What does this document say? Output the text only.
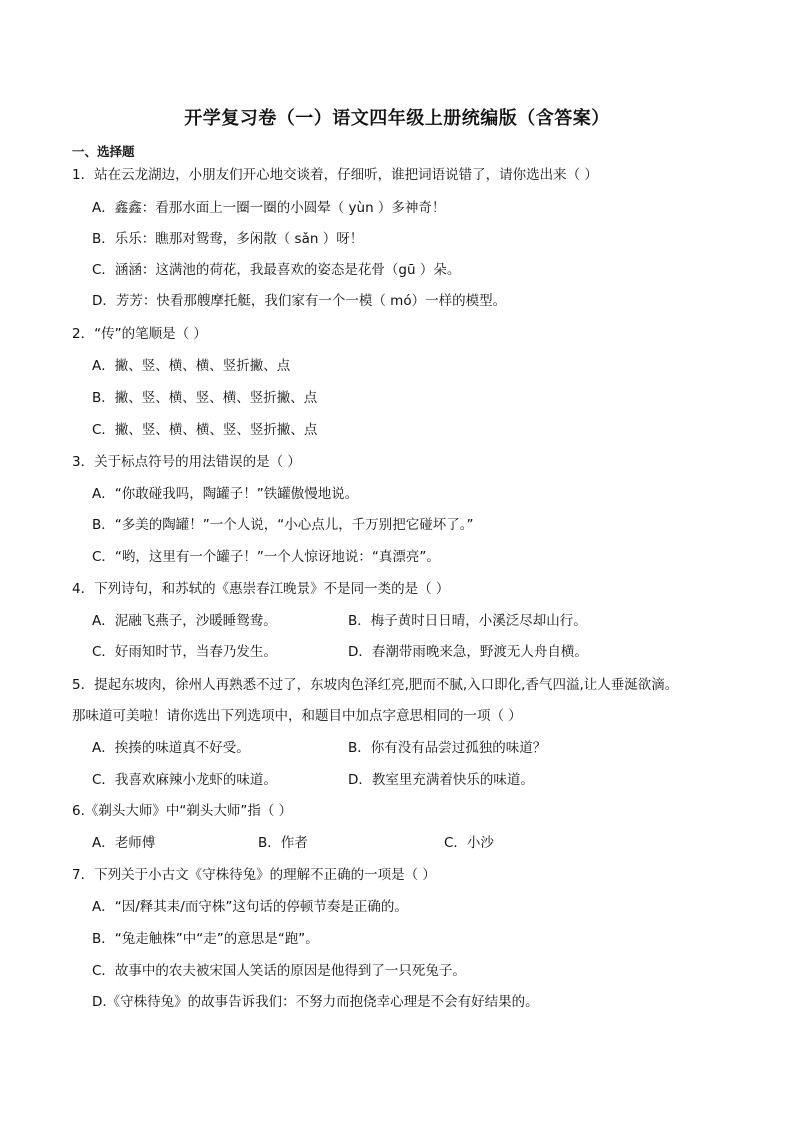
开学复习卷（一）语文四年级上册统编版（含答案）
一、选择题
1．站在云龙湖边，小朋友们开心地交谈着，仔细听，谁把词语说错了，请你选出来（ ）
A．鑫鑫：看那水面上一圈一圈的小圆晕（ yùn ）多神奇！
B．乐乐：瞧那对鸳鸯，多闲散（ sǎn ）呀！
C．涵涵：这满池的荷花，我最喜欢的姿态是花骨（gū ）朵。
D．芳芳：快看那艘摩托艇，我们家有一个一模（ mó）一样的模型。
2．“传”的笔顺是（ ）
A．撇、竖、横、横、竖折撇、点
B．撇、竖、横、竖、横、竖折撇、点
C．撇、竖、横、横、竖、竖折撇、点
3．关于标点符号的用法错误的是（ ）
A．“你敢碰我吗，陶罐子！”铁罐傲慢地说。
B．“多美的陶罐！”一个人说，“小心点儿，千万别把它碰坏了。”
C．“哟，这里有一个罐子！”一个人惊讶地说：“真漂亮”。
4．下列诗句，和苏轼的《惠崇春江晚景》不是同一类的是（ ）
A．泥融飞燕子，沙暖睡鸳鸯。	B．梅子黄时日日晴，小溪泛尽却山行。
C．好雨知时节，当春乃发生。	D．春潮带雨晚来急，野渡无人舟自横。
5．提起东坡肉，徐州人再熟悉不过了，东坡肉色泽红亮,肥而不腻,入口即化,香气四溢,让人垂涎欲滴。
那味道可美啦！请你选出下列选项中，和题目中加点字意思相同的一项（ ）
A．挨揍的味道真不好受。	B．你有没有品尝过孤独的味道？
C．我喜欢麻辣小龙虾的味道。	D．教室里充满着快乐的味道。
6.《剃头大师》中“剃头大师”指（ ）
A．老师傅	B．作者	C．小沙
7．下列关于小古文《守株待兔》的理解不正确的一项是（ ）
A．“因/释其耒/而守株”这句话的停顿节奏是正确的。
B．“兔走触株”中“走”的意思是“跑”。
C．故事中的农夫被宋国人笑话的原因是他得到了一只死兔子。
D.《守株待兔》的故事告诉我们：不努力而抱侥幸心理是不会有好结果的。
